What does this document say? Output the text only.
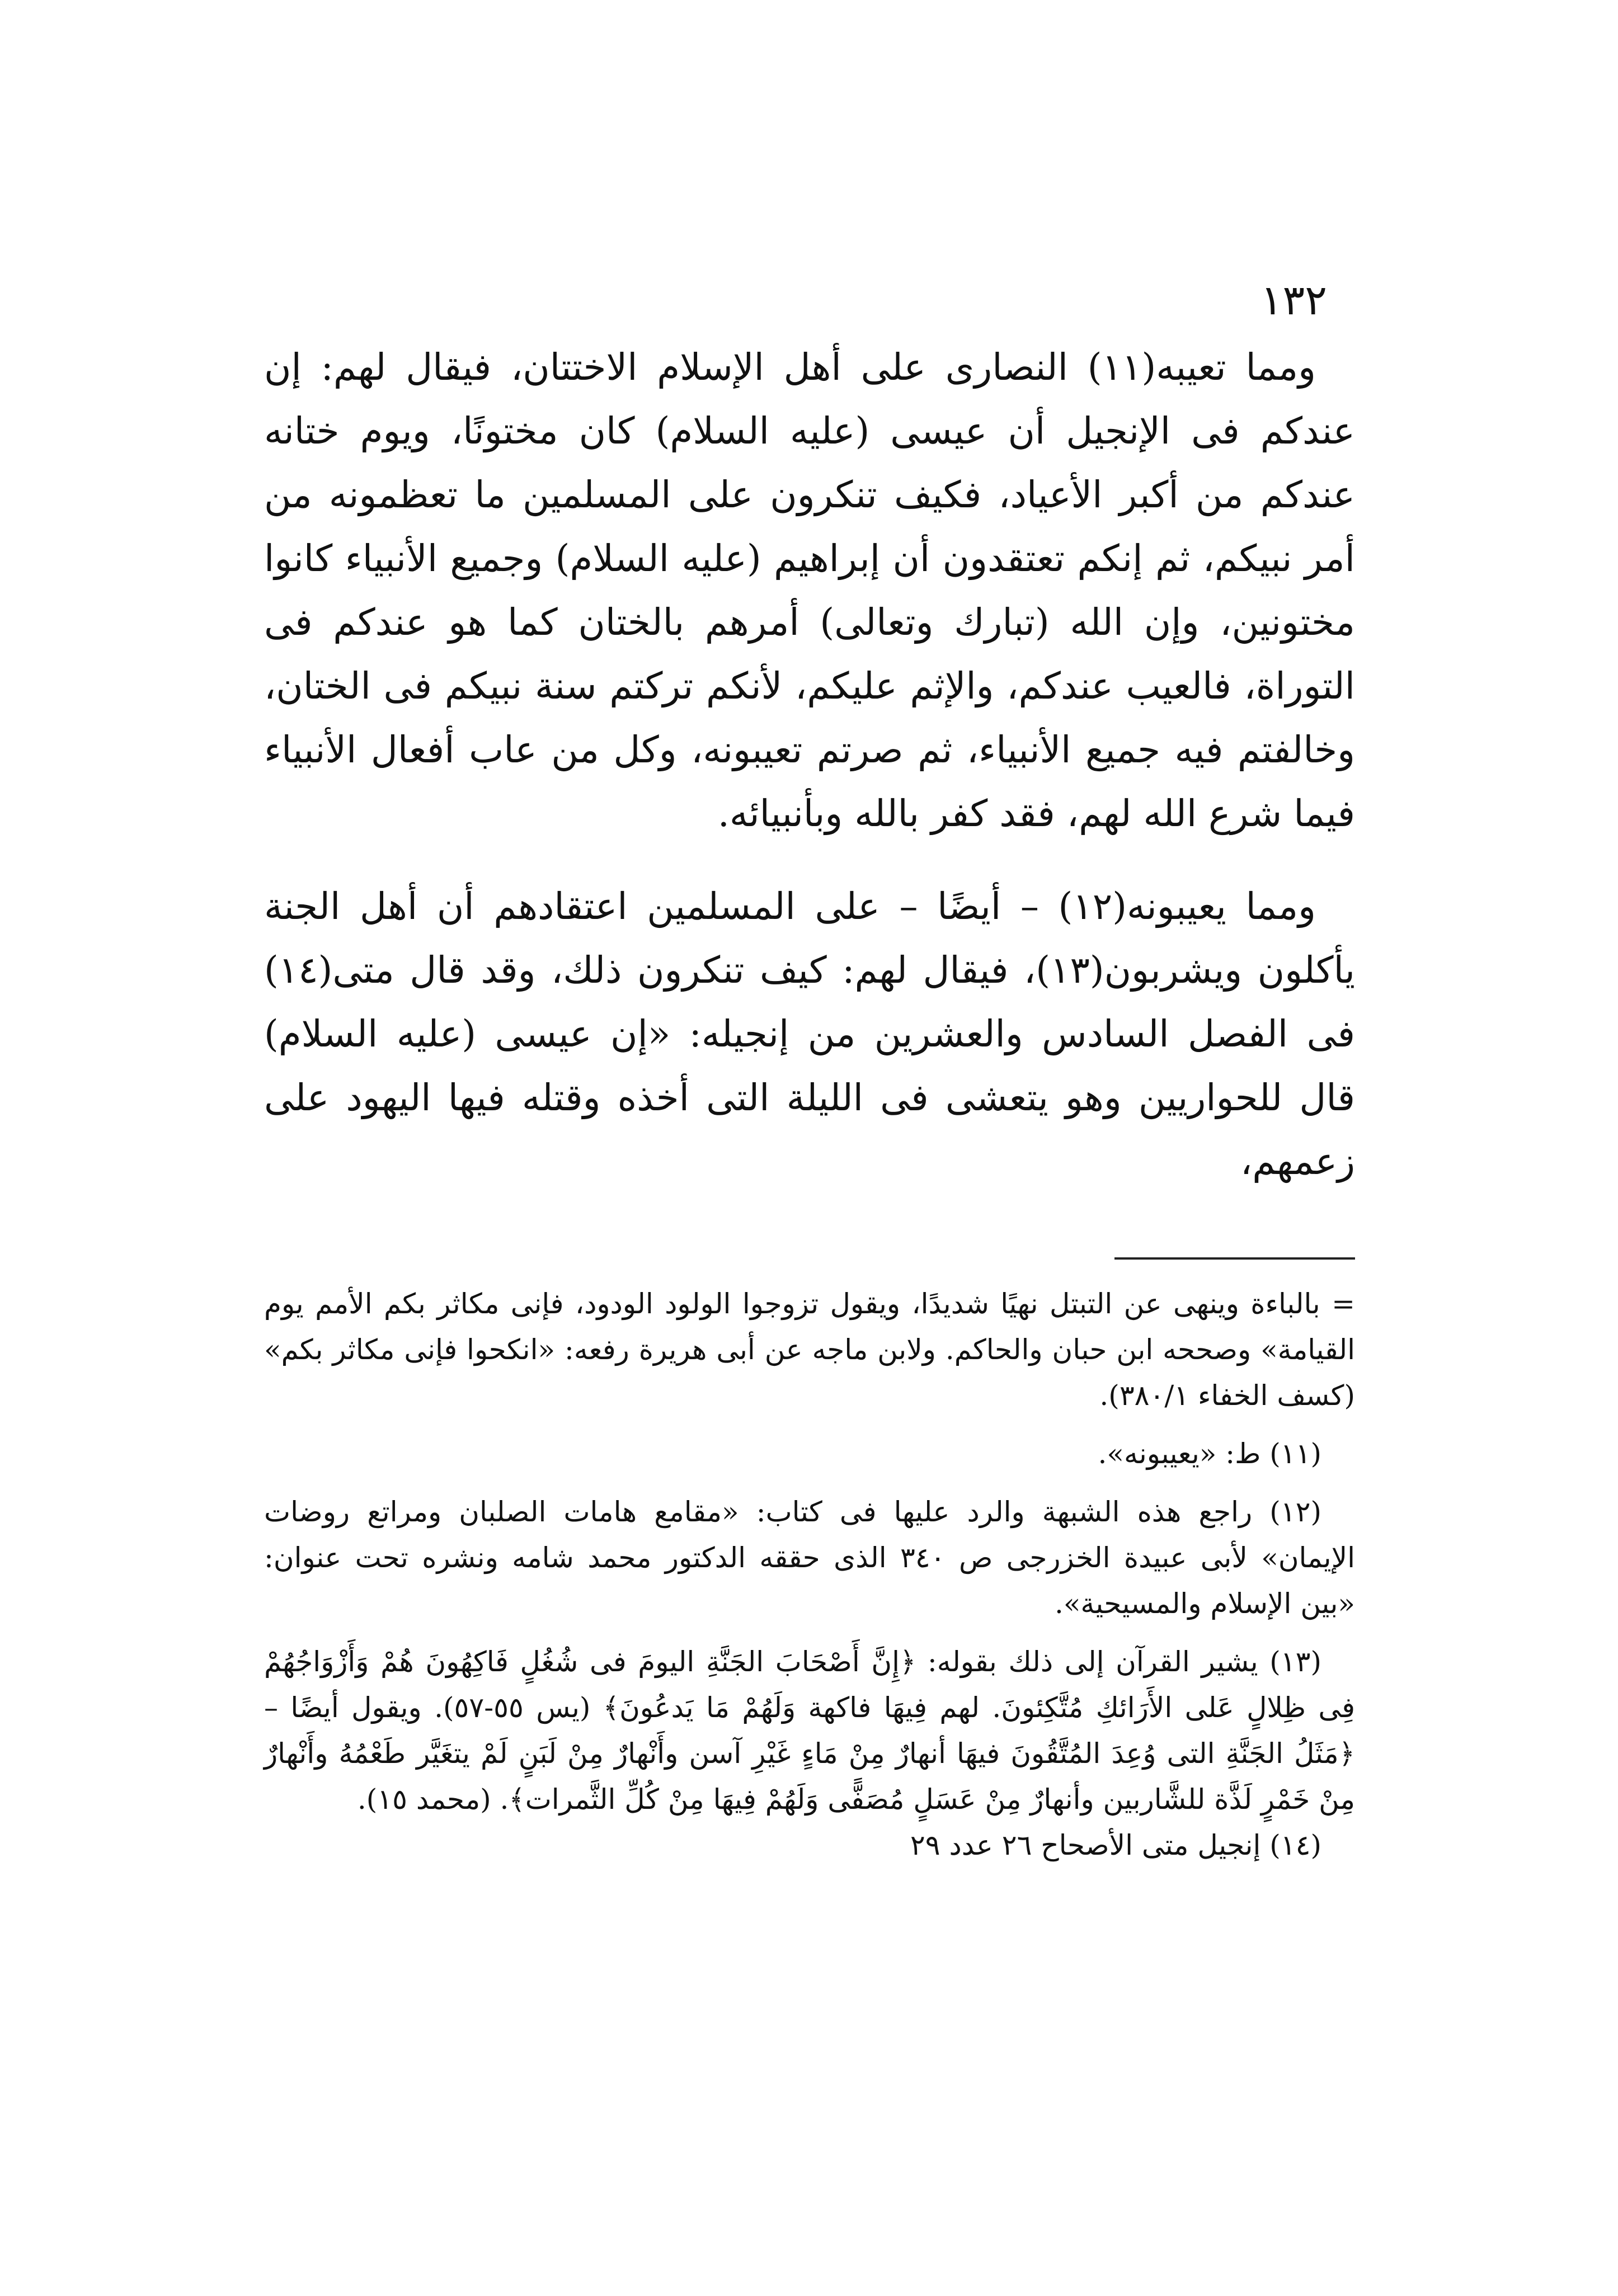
١٣٢

ومما تعيبه(١١) النصارى على أهل الإسلام الاختتان، فيقال لهم: إن عندكم فى الإنجيل أن عيسى (عليه السلام) كان مختونًا، ويوم ختانه عندكم من أكبر الأعياد، فكيف تنكرون على المسلمين ما تعظمونه من أمر نبيكم، ثم إنكم تعتقدون أن إبراهيم (عليه السلام) وجميع الأنبياء كانوا مختونين، وإن الله (تبارك وتعالى) أمرهم بالختان كما هو عندكم فى التوراة، فالعيب عندكم، والإثم عليكم، لأنكم تركتم سنة نبيكم فى الختان، وخالفتم فيه جميع الأنبياء، ثم صرتم تعيبونه، وكل من عاب أفعال الأنبياء فيما شرع الله لهم، فقد كفر بالله وبأنبيائه.

ومما يعيبونه(١٢) – أيضًا – على المسلمين اعتقادهم أن أهل الجنة يأكلون ويشربون(١٣)، فيقال لهم: كيف تنكرون ذلك، وقد قال متى(١٤) فى الفصل السادس والعشرين من إنجيله: «إن عيسى (عليه السلام) قال للحواريين وهو يتعشى فى الليلة التى أخذه وقتله فيها اليهود على زعمهم،

= بالباءة وينهى عن التبتل نهيًا شديدًا، ويقول تزوجوا الولود الودود، فإنى مكاثر بكم الأمم يوم القيامة» وصححه ابن حبان والحاكم. ولابن ماجه عن أبى هريرة رفعه: «انكحوا فإنى مكاثر بكم» (كسف الخفاء ٣٨٠/١).

(١١) ط: «يعيبونه».

(١٢) راجع هذه الشبهة والرد عليها فى كتاب: «مقامع هامات الصلبان ومراتع روضات الإيمان» لأبى عبيدة الخزرجى ص ٣٤٠ الذى حققه الدكتور محمد شامه ونشره تحت عنوان: «بين الإسلام والمسيحية».

(١٣) يشير القرآن إلى ذلك بقوله: ﴿إِنَّ أَصْحَابَ الجَنَّةِ اليومَ فى شُغُلٍ فَاكِهُونَ هُمْ وَأَزْوَاجُهُمْ فِى ظِلالٍ عَلى الأَرَائكِ مُتَّكِئونَ. لهم فِيهَا فاكهة وَلَهُمْ مَا يَدعُونَ﴾ (يس ٥٥-٥٧). ويقول أيضًا – ﴿مَثَلُ الجَنَّةِ التى وُعِدَ المُتَّقُونَ فيهَا أنهارٌ مِنْ مَاءٍ غَيْرِ آسن وأَنْهارٌ مِنْ لَبَنٍ لَمْ يتغَيَّر طَعْمُهُ وأَنْهارٌ مِنْ خَمْرٍ لَذَّة للشَّاربين وأنهارٌ مِنْ عَسَلٍ مُصَفًّى وَلَهُمْ فِيهَا مِنْ كُلِّ الثَّمرات﴾. (محمد ١٥).

(١٤) إنجيل متى الأصحاح ٢٦ عدد ٢٩
